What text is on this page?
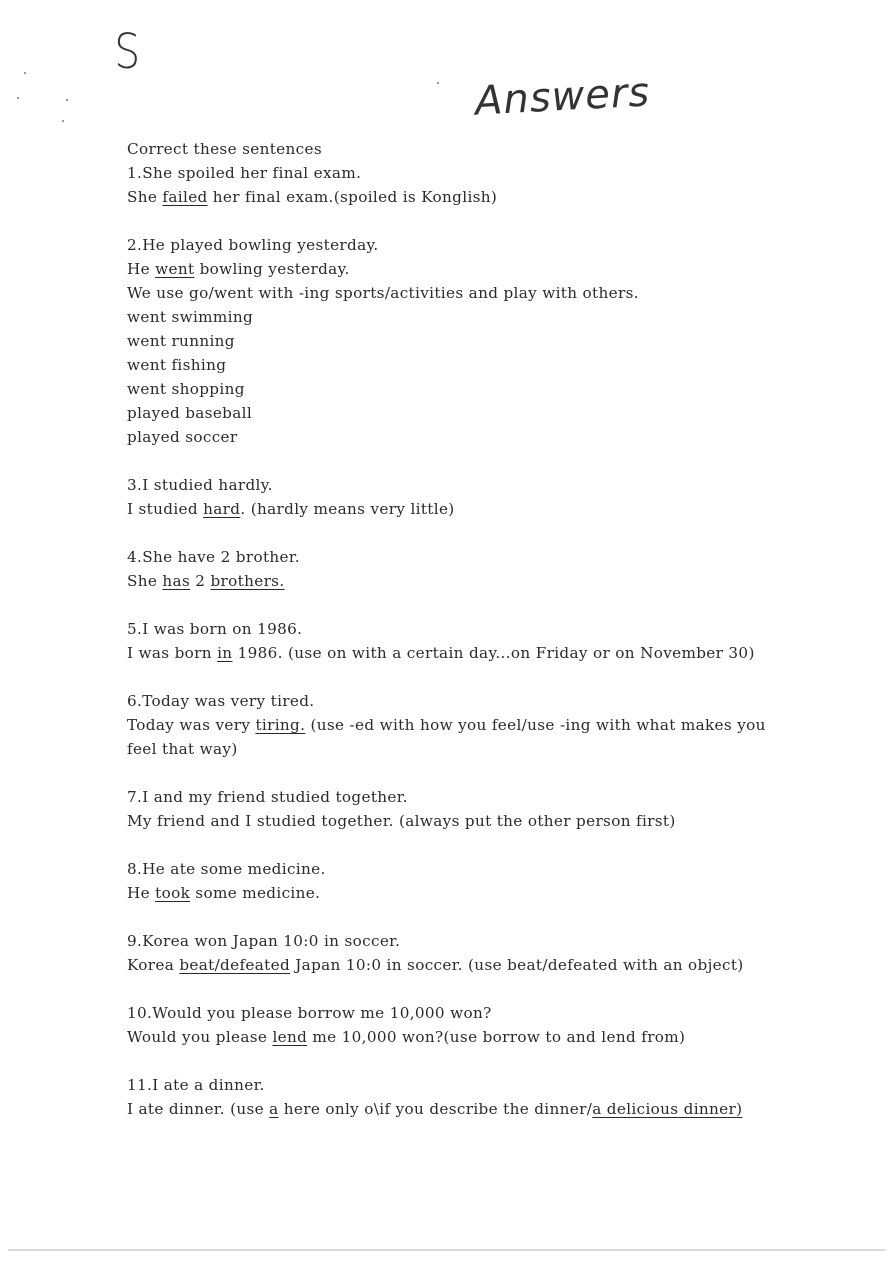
S
Answers
Correct these sentences
1.She spoiled her final exam.
She failed her final exam.(spoiled is Konglish)
2.He played bowling yesterday.
He went bowling yesterday.
We use go/went with -ing sports/activities and play with others.
went swimming
went running
went fishing
went shopping
played baseball
played soccer
3.I studied hardly.
I studied hard. (hardly means very little)
4.She have 2 brother.
She has 2 brothers.
5.I was born on 1986.
I was born in 1986. (use on with a certain day...on Friday or on November 30)
6.Today was very tired.
Today was very tiring. (use -ed with how you feel/use -ing with what makes you feel that way)
7.I and my friend studied together.
My friend and I studied together. (always put the other person first)
8.He ate some medicine.
He took some medicine.
9.Korea won Japan 10:0 in soccer.
Korea beat/defeated Japan 10:0 in soccer. (use beat/defeated with an object)
10.Would you please borrow me 10,000 won?
Would you please lend me 10,000 won?(use borrow to and lend from)
11.I ate a dinner.
I ate dinner. (use a here only o\if you describe the dinner/a delicious dinner)
